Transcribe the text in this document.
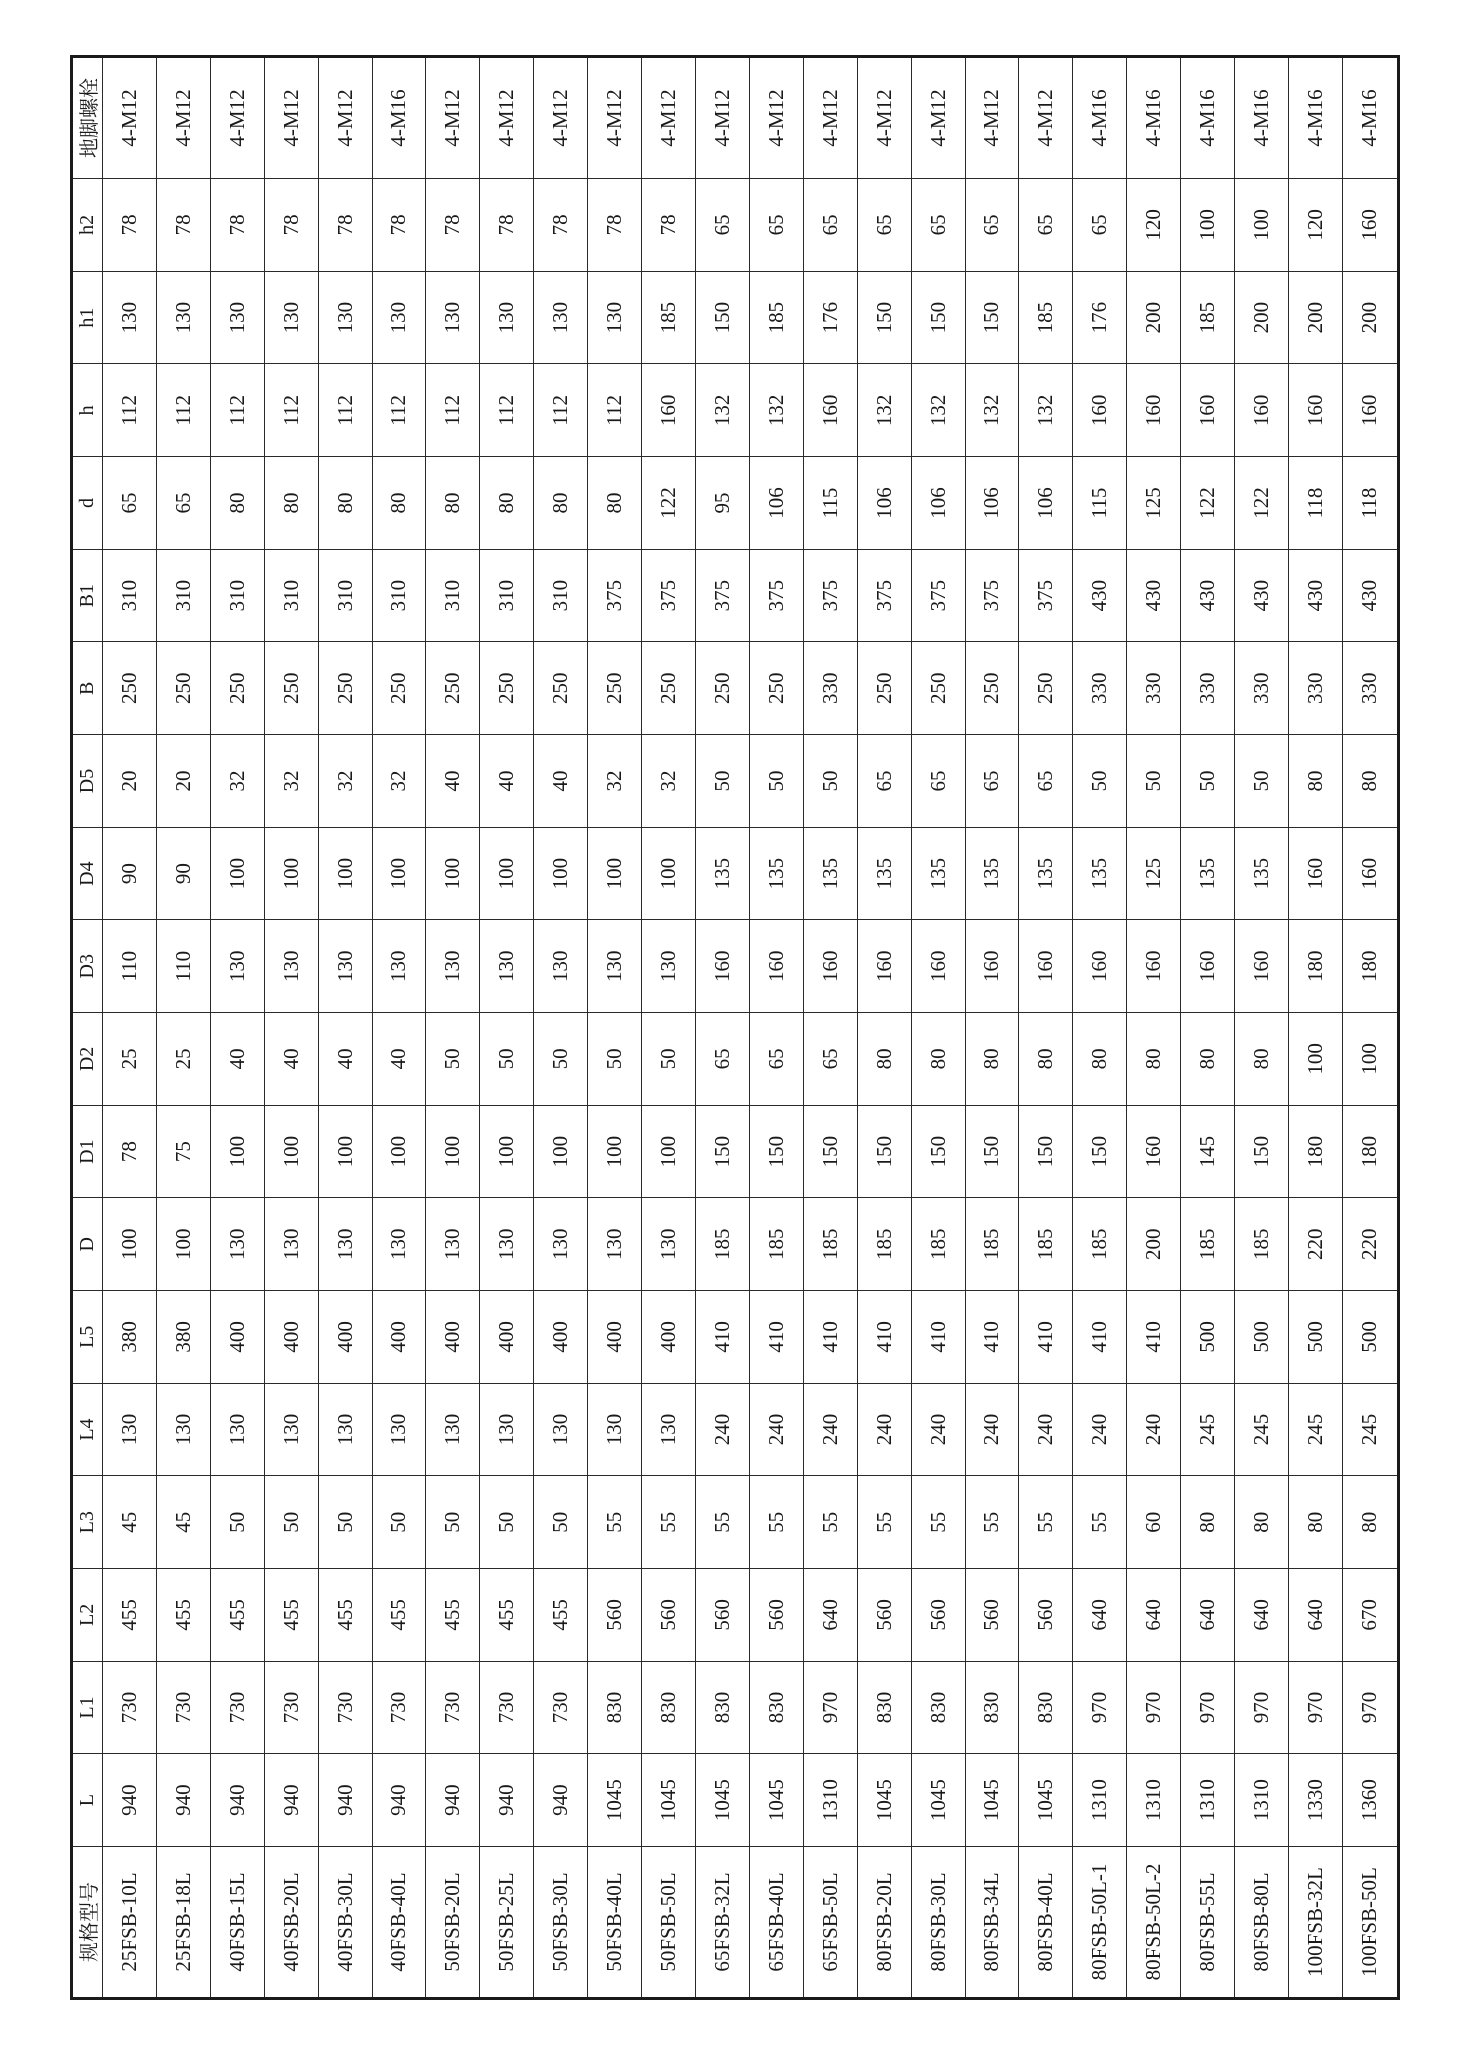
规格型号	L	L1	L2	L3	L4	L5	D	D1	D2	D3	D4	D5	B	B1	d	h	h1	h2	地脚螺栓
25FSB-10L	940	730	455	45	130	380	100	78	25	110	90	20	250	310	65	112	130	78	4-M12
25FSB-18L	940	730	455	45	130	380	100	75	25	110	90	20	250	310	65	112	130	78	4-M12
40FSB-15L	940	730	455	50	130	400	130	100	40	130	100	32	250	310	80	112	130	78	4-M12
40FSB-20L	940	730	455	50	130	400	130	100	40	130	100	32	250	310	80	112	130	78	4-M12
40FSB-30L	940	730	455	50	130	400	130	100	40	130	100	32	250	310	80	112	130	78	4-M12
40FSB-40L	940	730	455	50	130	400	130	100	40	130	100	32	250	310	80	112	130	78	4-M16
50FSB-20L	940	730	455	50	130	400	130	100	50	130	100	40	250	310	80	112	130	78	4-M12
50FSB-25L	940	730	455	50	130	400	130	100	50	130	100	40	250	310	80	112	130	78	4-M12
50FSB-30L	940	730	455	50	130	400	130	100	50	130	100	40	250	310	80	112	130	78	4-M12
50FSB-40L	1045	830	560	55	130	400	130	100	50	130	100	32	250	375	80	112	130	78	4-M12
50FSB-50L	1045	830	560	55	130	400	130	100	50	130	100	32	250	375	122	160	185	78	4-M12
65FSB-32L	1045	830	560	55	240	410	185	150	65	160	135	50	250	375	95	132	150	65	4-M12
65FSB-40L	1045	830	560	55	240	410	185	150	65	160	135	50	250	375	106	132	185	65	4-M12
65FSB-50L	1310	970	640	55	240	410	185	150	65	160	135	50	330	375	115	160	176	65	4-M12
80FSB-20L	1045	830	560	55	240	410	185	150	80	160	135	65	250	375	106	132	150	65	4-M12
80FSB-30L	1045	830	560	55	240	410	185	150	80	160	135	65	250	375	106	132	150	65	4-M12
80FSB-34L	1045	830	560	55	240	410	185	150	80	160	135	65	250	375	106	132	150	65	4-M12
80FSB-40L	1045	830	560	55	240	410	185	150	80	160	135	65	250	375	106	132	185	65	4-M12
80FSB-50L-1	1310	970	640	55	240	410	185	150	80	160	135	50	330	430	115	160	176	65	4-M16
80FSB-50L-2	1310	970	640	60	240	410	200	160	80	160	125	50	330	430	125	160	200	120	4-M16
80FSB-55L	1310	970	640	80	245	500	185	145	80	160	135	50	330	430	122	160	185	100	4-M16
80FSB-80L	1310	970	640	80	245	500	185	150	80	160	135	50	330	430	122	160	200	100	4-M16
100FSB-32L	1330	970	640	80	245	500	220	180	100	180	160	80	330	430	118	160	200	120	4-M16
100FSB-50L	1360	970	670	80	245	500	220	180	100	180	160	80	330	430	118	160	200	160	4-M16
